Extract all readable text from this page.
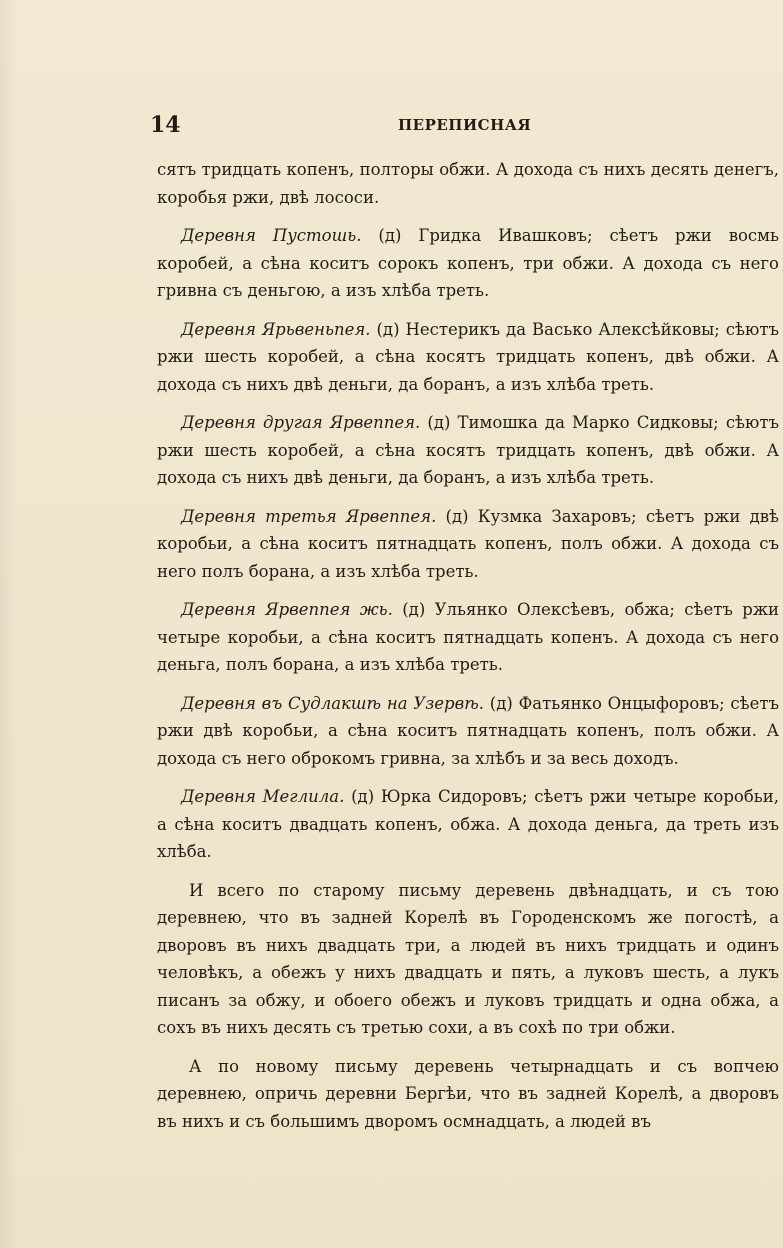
14	ПЕРЕПИСНАЯ

сятъ тридцать копенъ, полторы обжи. А дохода съ нихъ десять денегъ, коробья ржи, двѣ лососи.

Деревня Пустошь. (д) Гридка Ивашковъ; сѣетъ ржи восмь коробей, а сѣна коситъ сорокъ копенъ, три обжи. А дохода съ него гривна съ деньгою, а изъ хлѣба треть.

Деревня Ярьвеньпея. (д) Нестерикъ да Васько Алексѣйковы; сѣютъ ржи шесть коробей, а сѣна косятъ тридцать копенъ, двѣ обжи. А дохода съ нихъ двѣ деньги, да боранъ, а изъ хлѣба треть.

Деревня другая Ярвеппея. (д) Тимошка да Марко Сидковы; сѣютъ ржи шесть коробей, а сѣна косятъ тридцать копенъ, двѣ обжи. А дохода съ нихъ двѣ деньги, да боранъ, а изъ хлѣба треть.

Деревня третья Ярвеппея. (д) Кузмка Захаровъ; сѣетъ ржи двѣ коробьи, а сѣна коситъ пятнадцать копенъ, полъ обжи. А дохода съ него полъ борана, а изъ хлѣба треть.

Деревня Ярвеппея жь. (д) Ульянко Олексѣевъ, обжа; сѣетъ ржи четыре коробьи, а сѣна коситъ пятнадцать копенъ. А дохода съ него деньга, полъ борана, а изъ хлѣба треть.

Деревня въ Судлакшѣ на Узервѣ. (д) Фатьянко Онцыфоровъ; сѣетъ ржи двѣ коробьи, а сѣна коситъ пятнадцать копенъ, полъ обжи. А дохода съ него оброкомъ гривна, за хлѣбъ и за весь доходъ.

Деревня Меглила. (д) Юрка Сидоровъ; сѣетъ ржи четыре коробьи, а сѣна коситъ двадцать копенъ, обжа. А дохода деньга, да треть изъ хлѣба.

И всего по старому письму деревень двѣнадцать, и съ тою деревнею, что въ задней Корелѣ въ Городенскомъ же погостѣ, а дворовъ въ нихъ двадцать три, а людей въ нихъ тридцать и одинъ человѣкъ, а обежъ у нихъ двадцать и пять, а луковъ шесть, а лукъ писанъ за обжу, и обоего обежъ и луковъ тридцать и одна обжа, а сохъ въ нихъ десять съ третью сохи, а въ сохѣ по три обжи.

А по новому письму деревень четырнадцать и съ вопчею деревнею, опричь деревни Бергѣи, что въ задней Корелѣ, а дворовъ въ нихъ и съ большимъ дворомъ осмнадцать, а людей въ
